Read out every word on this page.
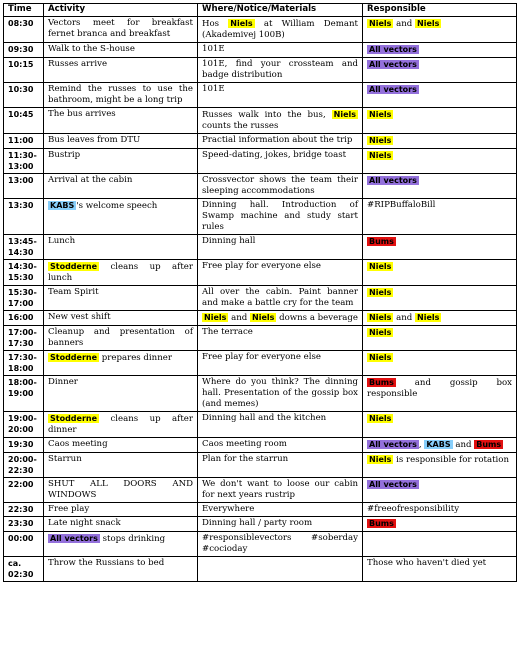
Time	Activity	Where/Notice/Materials	Responsible
08:30	Vectors meet for breakfast fernet branca and breakfast	Hos Niels at William Demant (Akademivej 100B)	Niels and Niels
09:30	Walk to the S-house	101E	All vectors
10:15	Russes arrive	101E, find your crossteam and badge distribution	All vectors
10:30	Remind the russes to use the bathroom, might be a long trip	101E	All vectors
10:45	The bus arrives	Russes walk into the bus, Niels counts the russes	Niels
11:00	Bus leaves from DTU	Practial information about the trip	Niels
11:30-
13:00	Bustrip	Speed-dating, jokes, bridge toast	Niels
13:00	Arrival at the cabin	Crossvector shows the team their sleeping accommodations	All vectors
13:30	KABS 's welcome speech	Dinning hall. Introduction of Swamp machine and study start rules	#RIPBuffaloBill
13:45-
14:30	Lunch	Dinning hall	Bums
14:30-
15:30	Stodderne cleans up after lunch	Free play for everyone else	Niels
15:30-
17:00	Team Spirit	All over the cabin. Paint banner and make a battle cry for the team	Niels
16:00	New vest shift	Niels and Niels downs a beverage	Niels and Niels
17:00-
17:30	Cleanup and presentation of banners	The terrace	Niels
17:30-
18:00	Stodderne prepares dinner	Free play for everyone else	Niels
18:00-
19:00	Dinner	Where do you think? The dinning hall. Presentation of the gossip box (and memes)	Bums and gossip box responsible
19:00-
20:00	Stodderne cleans up after dinner	Dinning hall and the kitchen	Niels
19:30	Caos meeting	Caos meeting room	All vectors , KABS and Bums
20:00-
22:30	Starrun	Plan for the starrun	Niels is responsible for rotation
22:00	SHUT ALL DOORS AND WINDOWS	We don't want to loose our cabin for next years rustrip	All vectors
22:30	Free play	Everywhere	#freeofresponsibility
23:30	Late night snack	Dinning hall / party room	Bums
00:00	All vectors stops drinking	#responsiblevectors #soberday #cocioday	
ca.
02:30	Throw the Russians to bed		Those who haven't died yet
